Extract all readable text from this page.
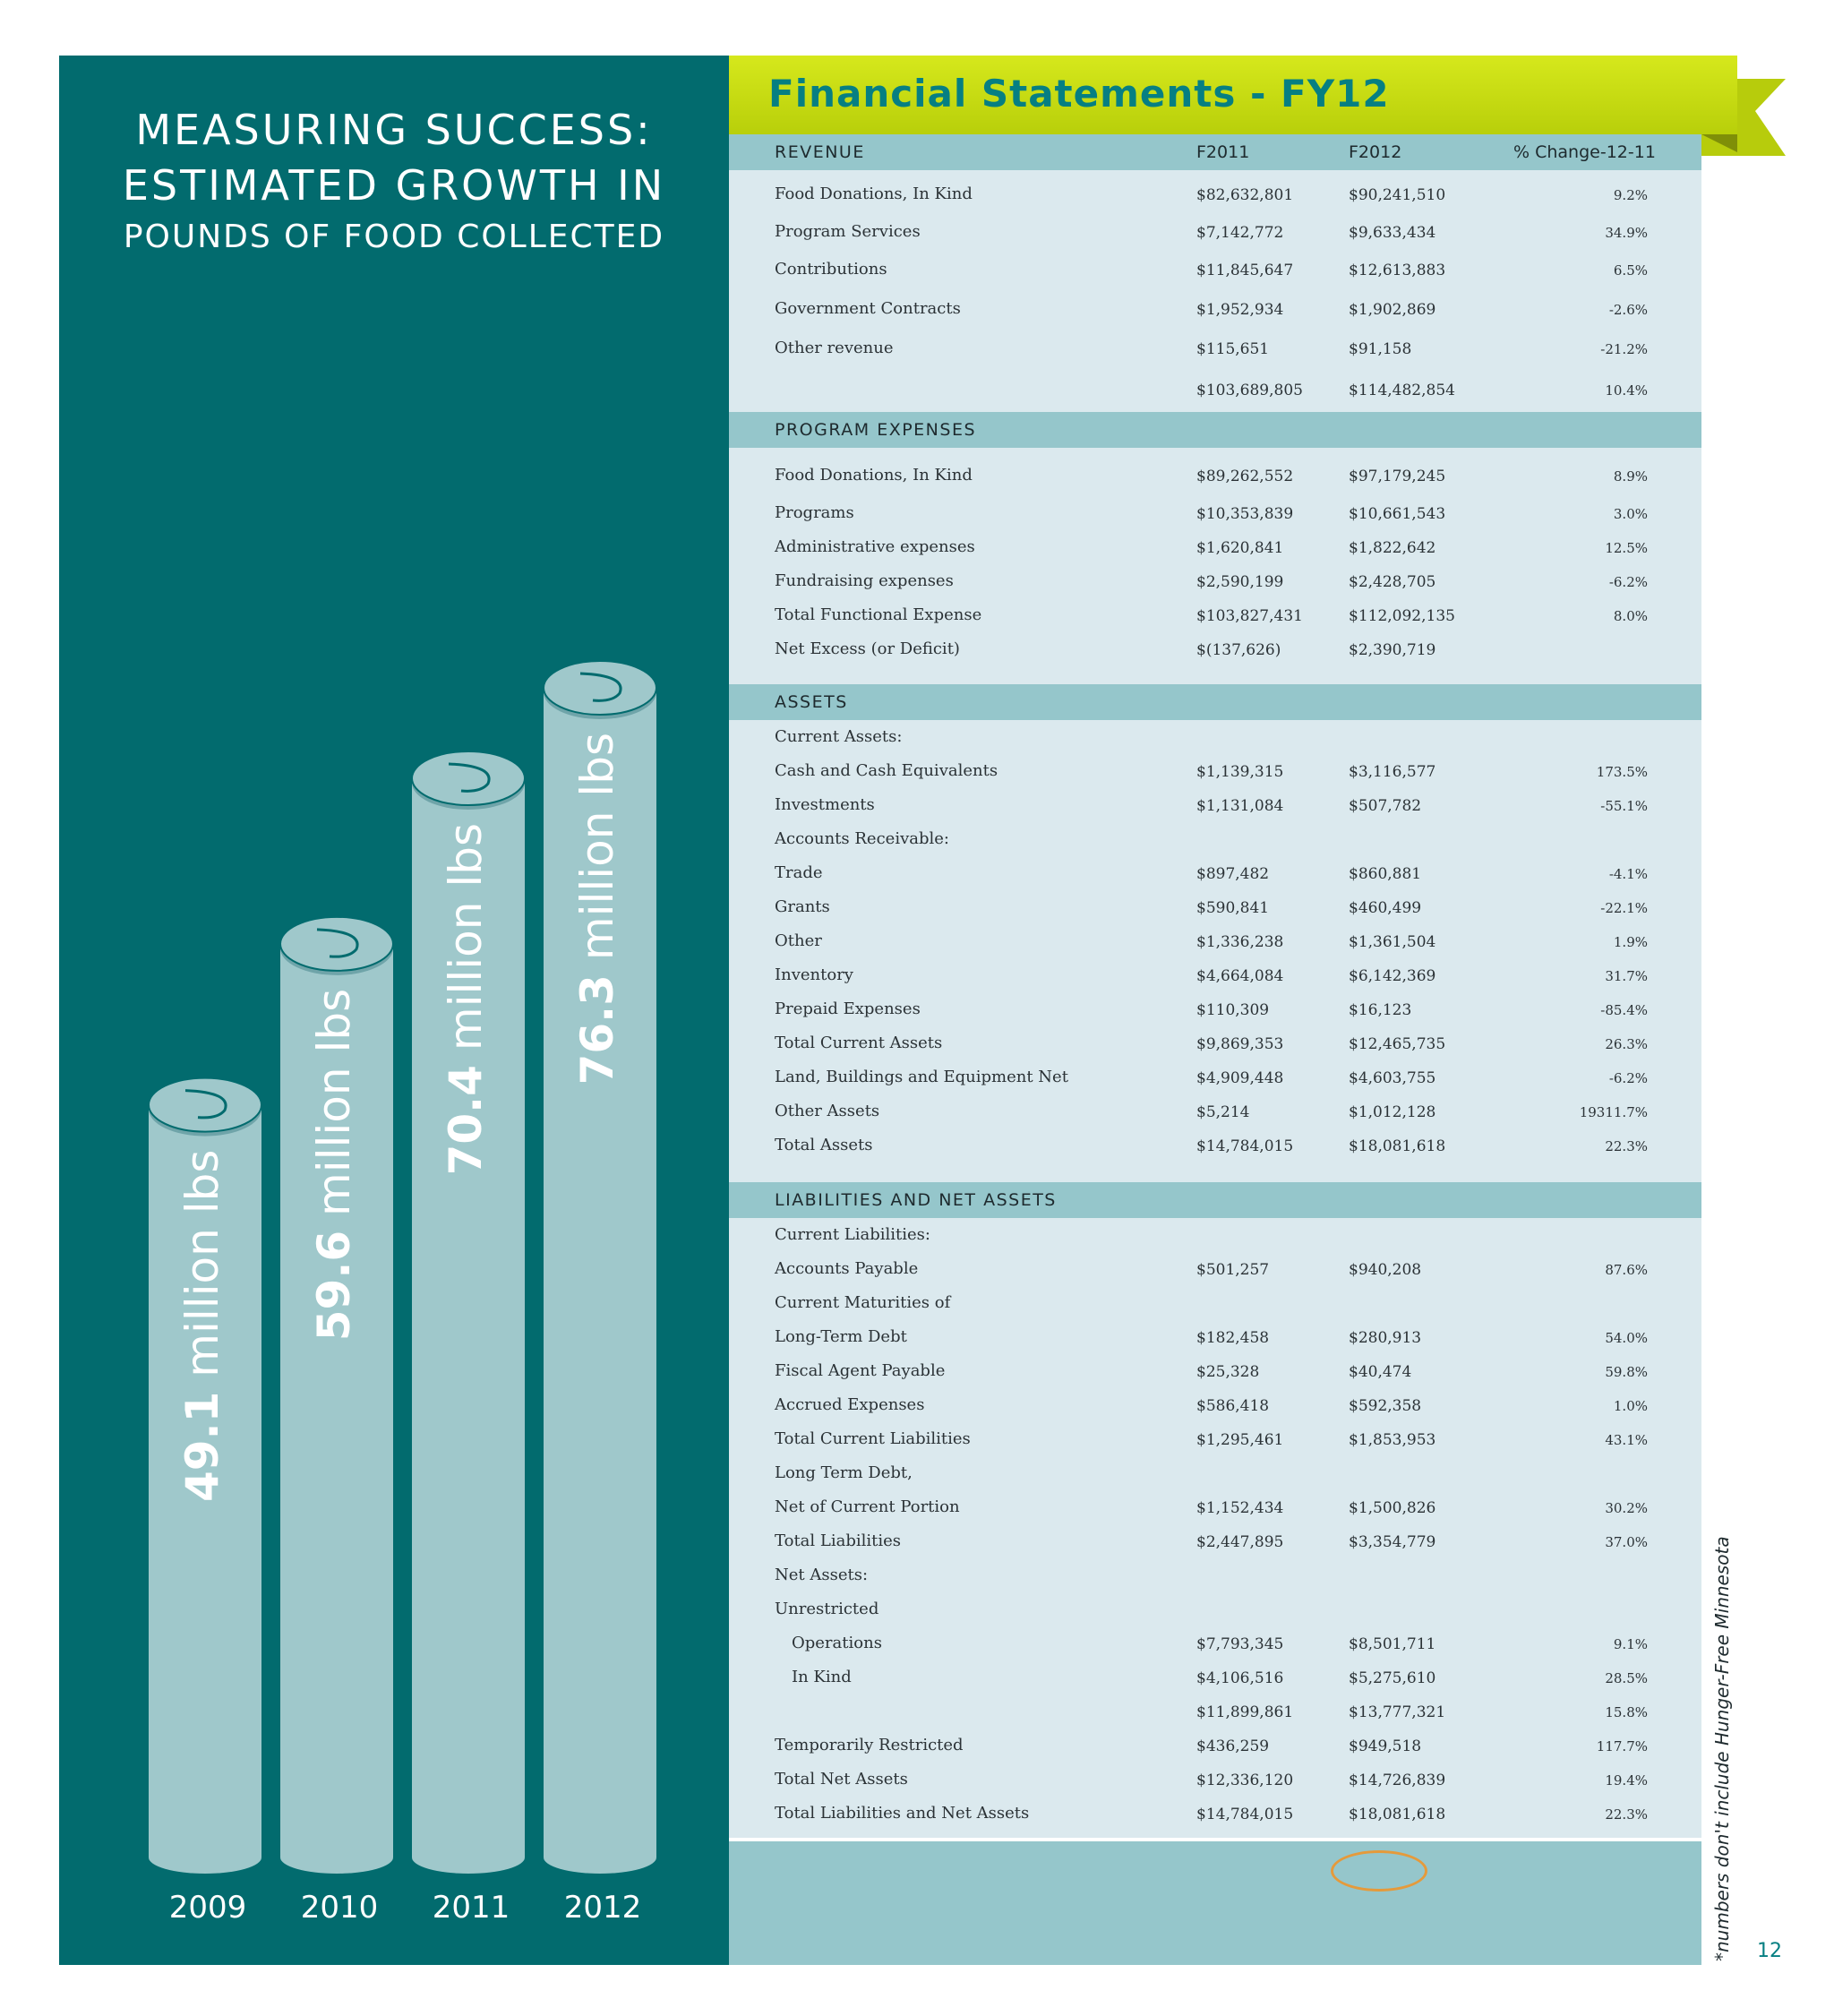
MEASURING SUCCESS:
ESTIMATED GROWTH IN
POUNDS OF FOOD COLLECTED
49.1 million lbs 59.6 million lbs 70.4 million lbs 76.3 million lbs
2009	2010	2011	2012
Financial Statements - FY12
REVENUE	F2011	F2012	% Change-12-11
Food Donations, In Kind	$82,632,801	$90,241,510	9.2%
Program Services	$7,142,772	$9,633,434	34.9%
Contributions	$11,845,647	$12,613,883	6.5%
Government Contracts	$1,952,934	$1,902,869	-2.6%
Other revenue	$115,651	$91,158	-21.2%
$103,689,805	$114,482,854	10.4%
PROGRAM EXPENSES
Food Donations, In Kind	$89,262,552	$97,179,245	8.9%
Programs	$10,353,839	$10,661,543	3.0%
Administrative expenses	$1,620,841	$1,822,642	12.5%
Fundraising expenses	$2,590,199	$2,428,705	-6.2%
Total Functional Expense	$103,827,431	$112,092,135	8.0%
Net Excess (or Deficit)	$(137,626)	$2,390,719
ASSETS
Current Assets:
Cash and Cash Equivalents	$1,139,315	$3,116,577	173.5%
Investments	$1,131,084	$507,782	-55.1%
Accounts Receivable:
Trade	$897,482	$860,881	-4.1%
Grants	$590,841	$460,499	-22.1%
Other	$1,336,238	$1,361,504	1.9%
Inventory	$4,664,084	$6,142,369	31.7%
Prepaid Expenses	$110,309	$16,123	-85.4%
Total Current Assets	$9,869,353	$12,465,735	26.3%
Land, Buildings and Equipment Net	$4,909,448	$4,603,755	-6.2%
Other Assets	$5,214	$1,012,128	19311.7%
Total Assets	$14,784,015	$18,081,618	22.3%
LIABILITIES AND NET ASSETS
Current Liabilities:
Accounts Payable	$501,257	$940,208	87.6%
Current Maturities of
Long-Term Debt	$182,458	$280,913	54.0%
Fiscal Agent Payable	$25,328	$40,474	59.8%
Accrued Expenses	$586,418	$592,358	1.0%
Total Current Liabilities	$1,295,461	$1,853,953	43.1%
Long Term Debt,
Net of Current Portion	$1,152,434	$1,500,826	30.2%
Total Liabilities	$2,447,895	$3,354,779	37.0%
Net Assets:
Unrestricted
Operations	$7,793,345	$8,501,711	9.1%
In Kind	$4,106,516	$5,275,610	28.5%
$11,899,861	$13,777,321	15.8%
Temporarily Restricted	$436,259	$949,518	117.7%
Total Net Assets	$12,336,120	$14,726,839	19.4%
Total Liabilities and Net Assets	$14,784,015	$18,081,618	22.3%	*numbers don't include Hunger-Free Minnesota 12
